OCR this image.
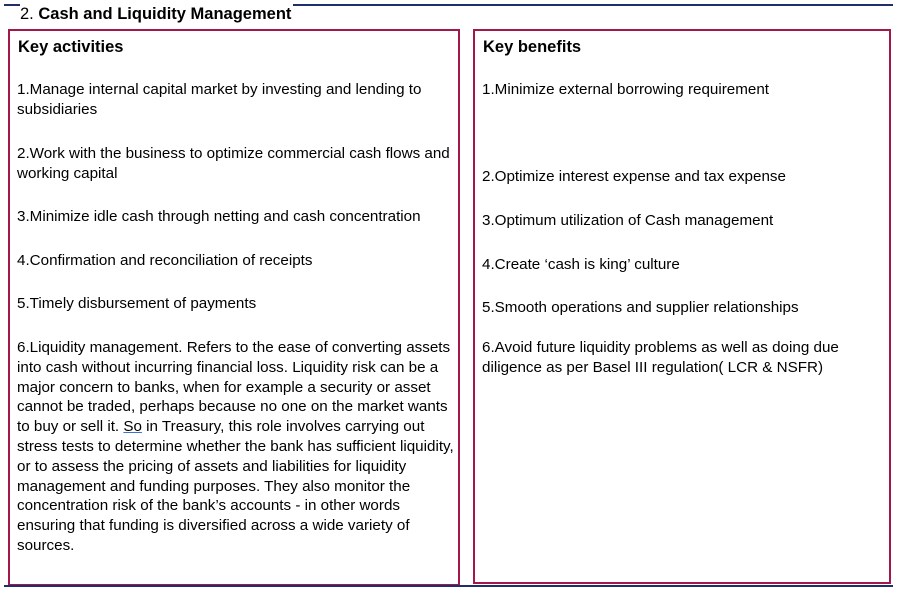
2. Cash and Liquidity Management
Key activities
1.Manage internal capital market by investing and lending to subsidiaries
2.Work with the business to optimize commercial cash flows and working capital
3.Minimize idle cash through netting and cash concentration
4.Confirmation and reconciliation of receipts
5.Timely disbursement of payments
6.Liquidity management. Refers to the ease of converting assets into cash without incurring financial loss. Liquidity risk can be a major concern to banks, when for example a security or asset cannot be traded, perhaps because no one on the market wants to buy or sell it. So in Treasury, this role involves carrying out stress tests to determine whether the bank has sufficient liquidity, or to assess the pricing of assets and liabilities for liquidity management and funding purposes. They also monitor the concentration risk of the bank’s accounts - in other words ensuring that funding is diversified across a wide variety of sources.
Key benefits
1.Minimize external borrowing requirement
2.Optimize interest expense and tax expense
3.Optimum utilization of Cash management
4.Create ‘cash is king’ culture
5.Smooth operations and supplier relationships
6.Avoid future liquidity problems as well as doing due diligence as per Basel III regulation( LCR & NSFR)
